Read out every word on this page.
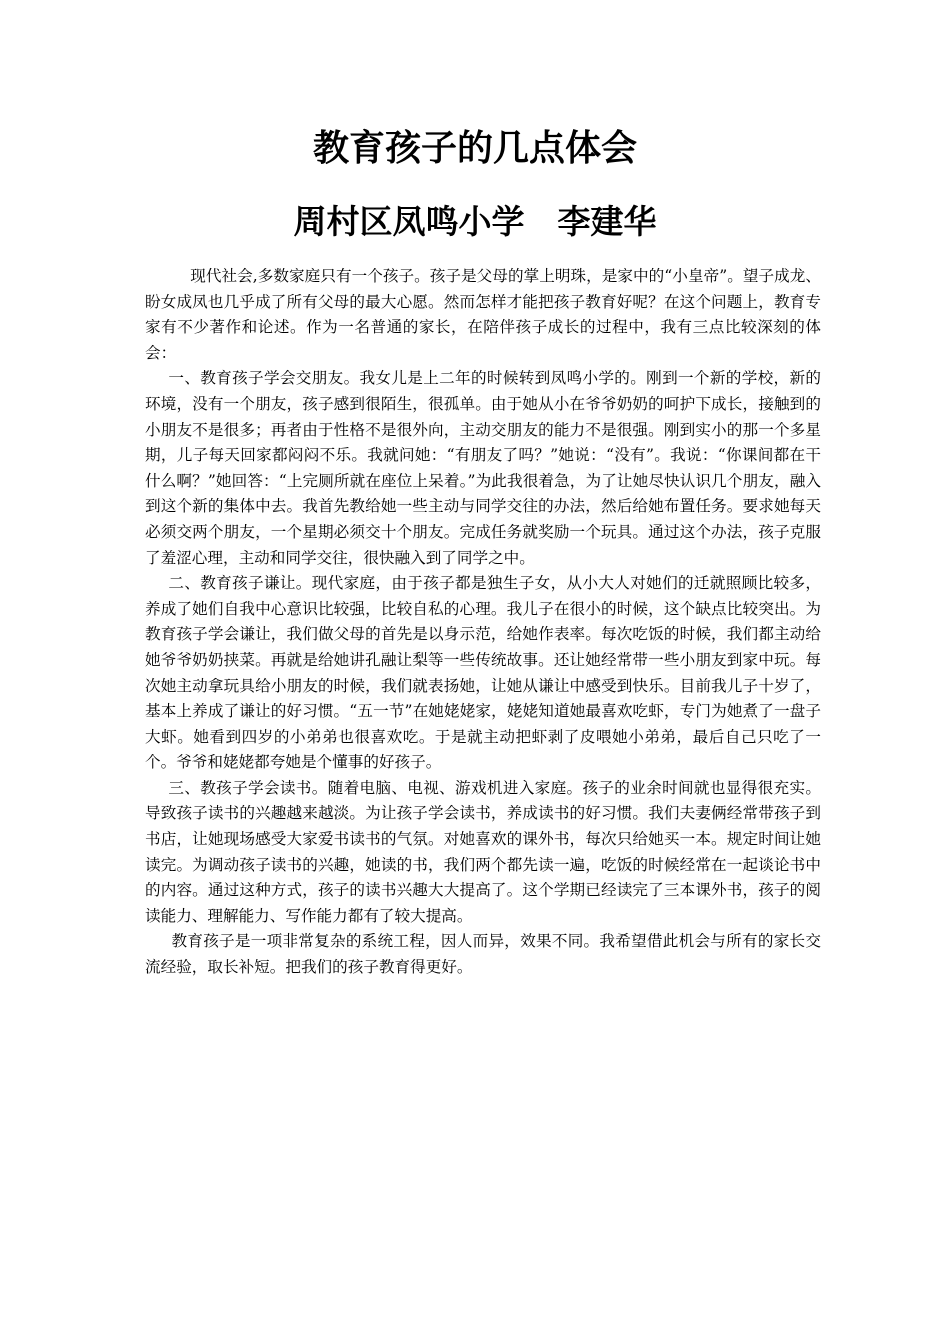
教育孩子的几点体会
周村区凤鸣小学　李建华

现代社会,多数家庭只有一个孩子。孩子是父母的掌上明珠，是家中的“小皇帝”。望子成龙、盼女成凤也几乎成了所有父母的最大心愿。然而怎样才能把孩子教育好呢？在这个问题上，教育专家有不少著作和论述。作为一名普通的家长，在陪伴孩子成长的过程中，我有三点比较深刻的体会：

一、教育孩子学会交朋友。我女儿是上二年的时候转到凤鸣小学的。刚到一个新的学校，新的环境，没有一个朋友，孩子感到很陌生，很孤单。由于她从小在爷爷奶奶的呵护下成长，接触到的小朋友不是很多；再者由于性格不是很外向，主动交朋友的能力不是很强。刚到实小的那一个多星期，儿子每天回家都闷闷不乐。我就问她：“有朋友了吗？”她说：“没有”。我说：“你课间都在干什么啊？”她回答：“上完厕所就在座位上呆着。”为此我很着急，为了让她尽快认识几个朋友，融入到这个新的集体中去。我首先教给她一些主动与同学交往的办法，然后给她布置任务。要求她每天必须交两个朋友，一个星期必须交十个朋友。完成任务就奖励一个玩具。通过这个办法，孩子克服了羞涩心理，主动和同学交往，很快融入到了同学之中。

二、教育孩子谦让。现代家庭，由于孩子都是独生子女，从小大人对她们的迁就照顾比较多，养成了她们自我中心意识比较强，比较自私的心理。我儿子在很小的时候，这个缺点比较突出。为教育孩子学会谦让，我们做父母的首先是以身示范，给她作表率。每次吃饭的时候，我们都主动给她爷爷奶奶挟菜。再就是给她讲孔融让梨等一些传统故事。还让她经常带一些小朋友到家中玩。每次她主动拿玩具给小朋友的时候，我们就表扬她，让她从谦让中感受到快乐。目前我儿子十岁了，基本上养成了谦让的好习惯。“五一节”在她姥姥家，姥姥知道她最喜欢吃虾，专门为她煮了一盘子大虾。她看到四岁的小弟弟也很喜欢吃。于是就主动把虾剥了皮喂她小弟弟，最后自己只吃了一个。爷爷和姥姥都夸她是个懂事的好孩子。

三、教孩子学会读书。随着电脑、电视、游戏机进入家庭。孩子的业余时间就也显得很充实。导致孩子读书的兴趣越来越淡。为让孩子学会读书，养成读书的好习惯。我们夫妻俩经常带孩子到书店，让她现场感受大家爱书读书的气氛。对她喜欢的课外书，每次只给她买一本。规定时间让她读完。为调动孩子读书的兴趣，她读的书，我们两个都先读一遍，吃饭的时候经常在一起谈论书中的内容。通过这种方式，孩子的读书兴趣大大提高了。这个学期已经读完了三本课外书，孩子的阅读能力、理解能力、写作能力都有了较大提高。

教育孩子是一项非常复杂的系统工程，因人而异，效果不同。我希望借此机会与所有的家长交流经验，取长补短。把我们的孩子教育得更好。
